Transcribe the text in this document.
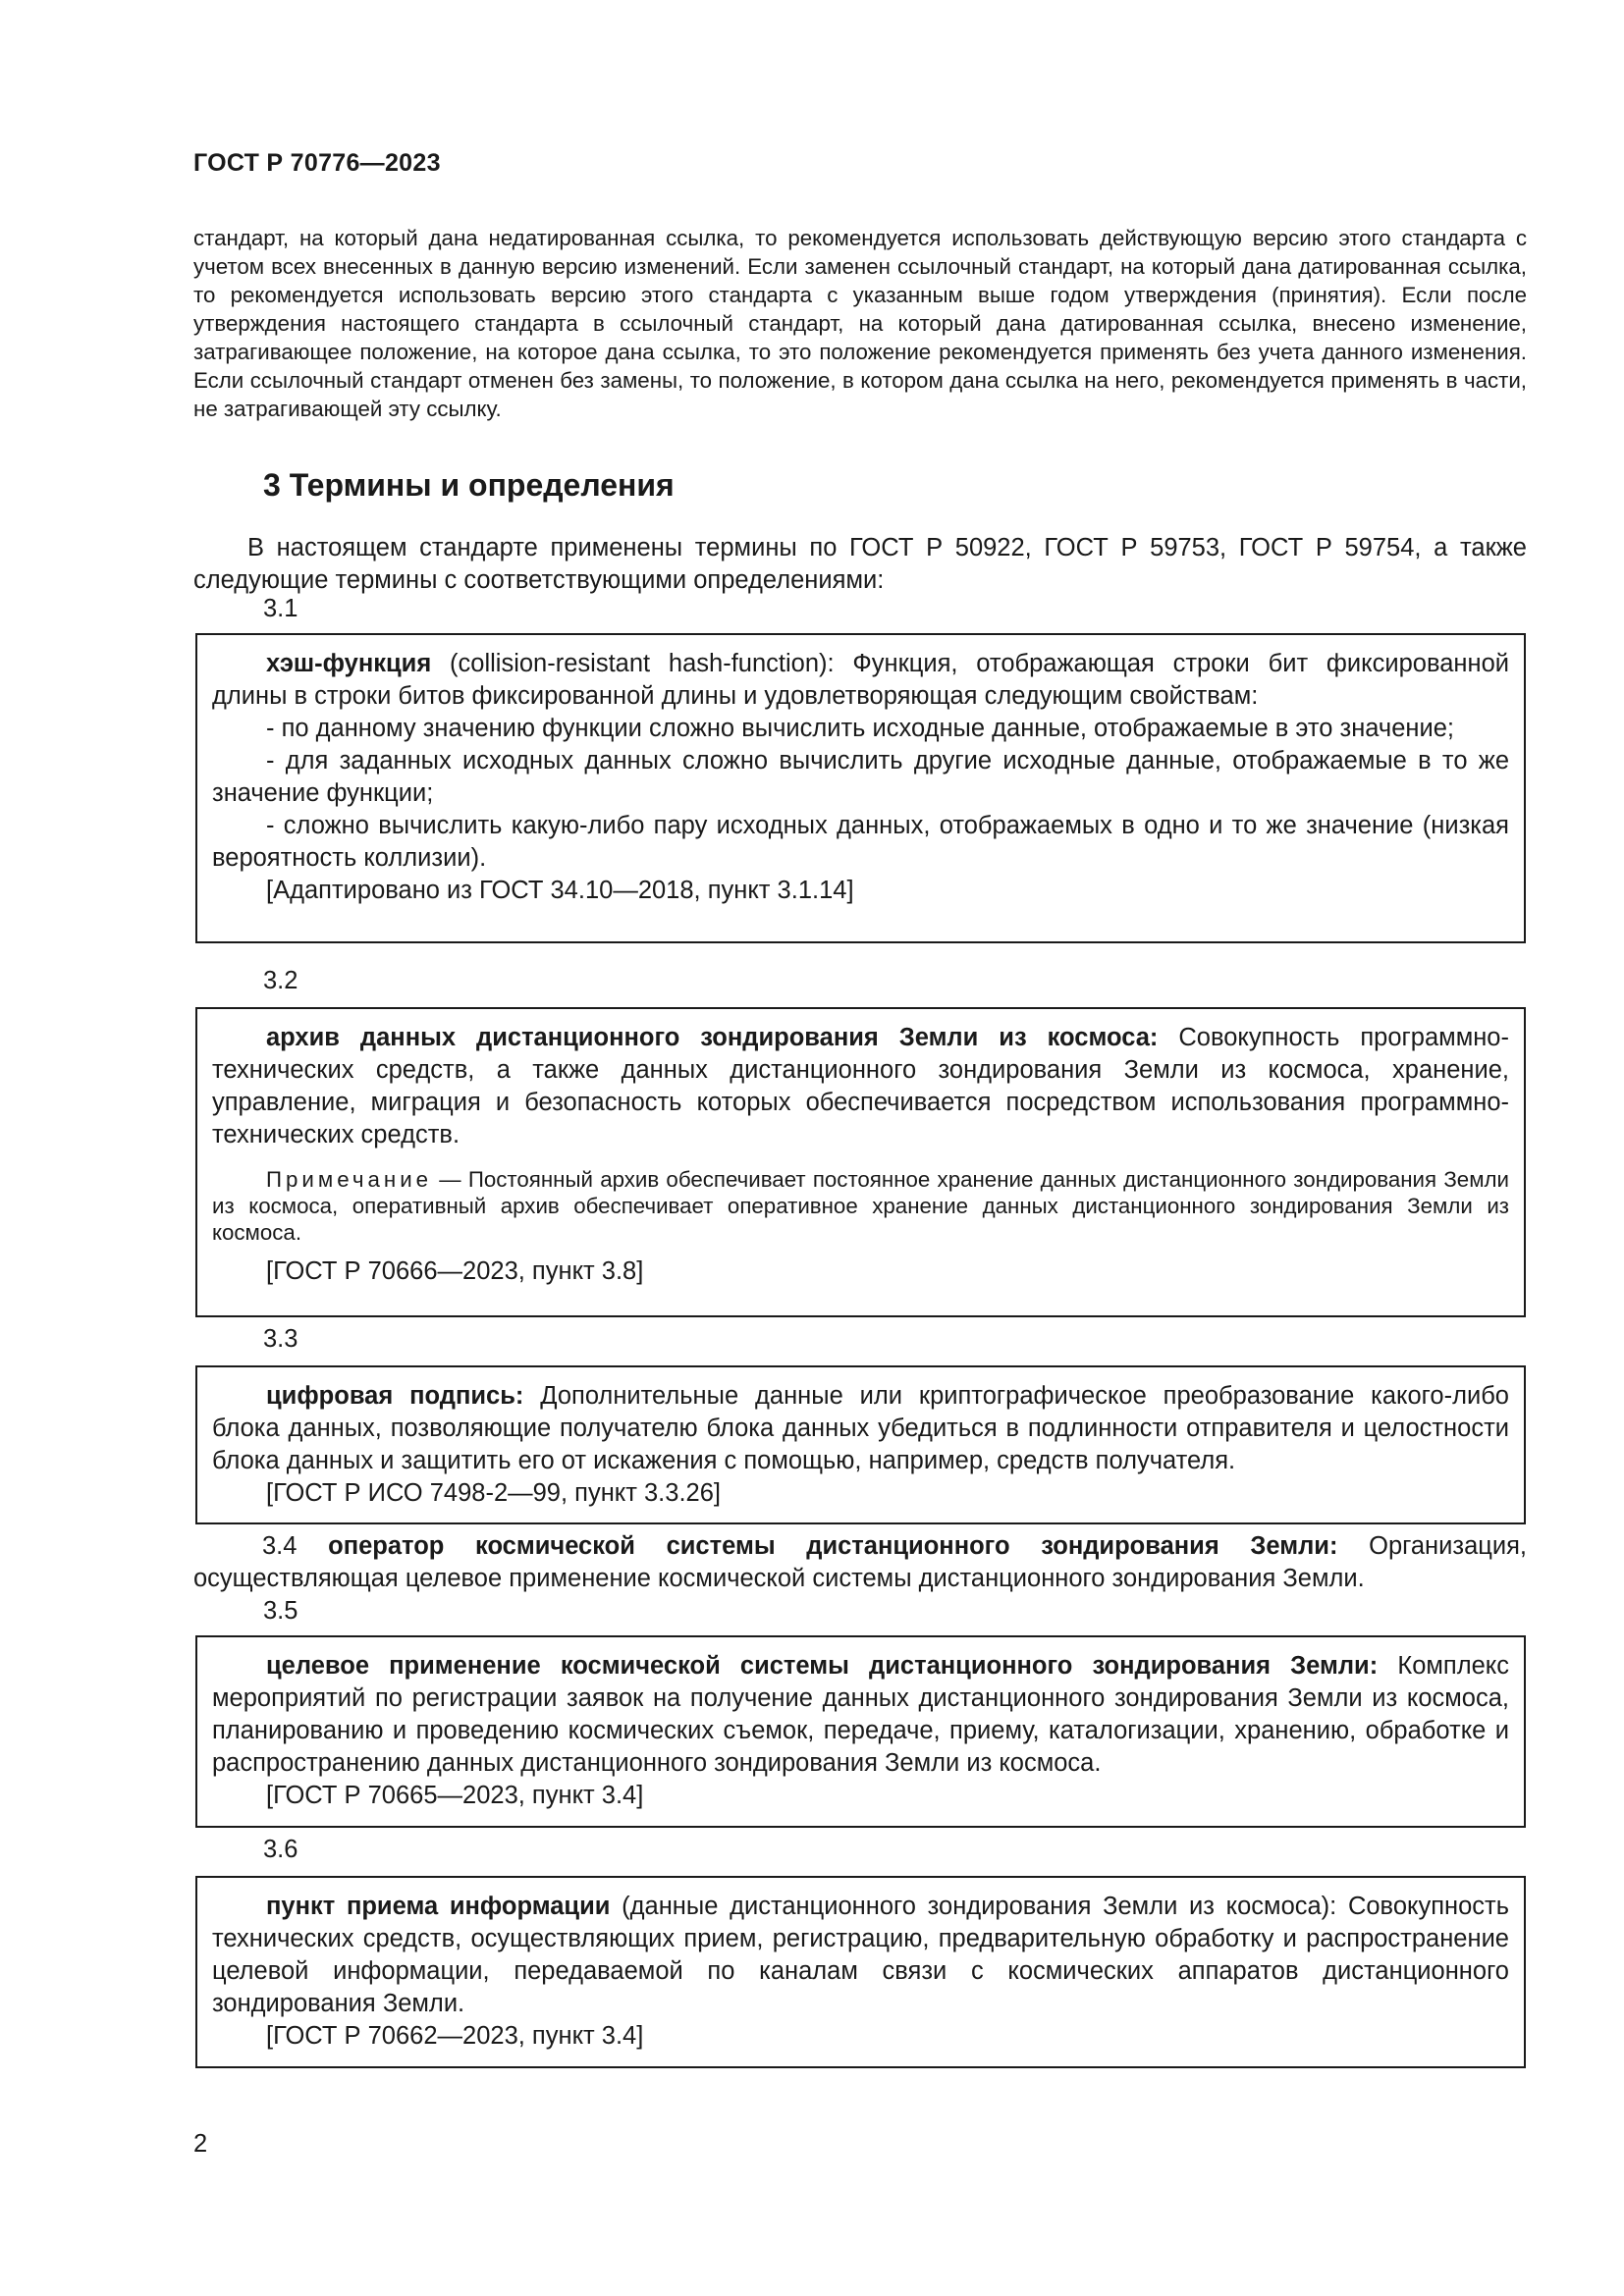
ГОСТ Р 70776—2023

стандарт, на который дана недатированная ссылка, то рекомендуется использовать действующую версию этого стандарта с учетом всех внесенных в данную версию изменений. Если заменен ссылочный стандарт, на который дана датированная ссылка, то рекомендуется использовать версию этого стандарта с указанным выше годом утверждения (принятия). Если после утверждения настоящего стандарта в ссылочный стандарт, на который дана датированная ссылка, внесено изменение, затрагивающее положение, на которое дана ссылка, то это положение рекомендуется применять без учета данного изменения. Если ссылочный стандарт отменен без замены, то положение, в котором дана ссылка на него, рекомендуется применять в части, не затрагивающей эту ссылку.

3 Термины и определения

В настоящем стандарте применены термины по ГОСТ Р 50922, ГОСТ Р 59753, ГОСТ Р 59754, а также следующие термины с соответствующими определениями:

3.1

хэш-функция (collision-resistant hash-function): Функция, отображающая строки бит фиксированной длины в строки битов фиксированной длины и удовлетворяющая следующим свойствам:

- по данному значению функции сложно вычислить исходные данные, отображаемые в это значение;

- для заданных исходных данных сложно вычислить другие исходные данные, отображаемые в то же значение функции;

- сложно вычислить какую-либо пару исходных данных, отображаемых в одно и то же значение (низкая вероятность коллизии).

[Адаптировано из ГОСТ 34.10—2018, пункт 3.1.14]

3.2

архив данных дистанционного зондирования Земли из космоса: Совокупность программно-технических средств, а также данных дистанционного зондирования Земли из космоса, хранение, управление, миграция и безопасность которых обеспечивается посредством использования программно-технических средств.

Примечание — Постоянный архив обеспечивает постоянное хранение данных дистанционного зондирования Земли из космоса, оперативный архив обеспечивает оперативное хранение данных дистанционного зондирования Земли из космоса.

[ГОСТ Р 70666—2023, пункт 3.8]

3.3

цифровая подпись: Дополнительные данные или криптографическое преобразование какого-либо блока данных, позволяющие получателю блока данных убедиться в подлинности отправителя и целостности блока данных и защитить его от искажения с помощью, например, средств получателя.

[ГОСТ Р ИСО 7498-2—99, пункт 3.3.26]

3.4 оператор космической системы дистанционного зондирования Земли: Организация, осуществляющая целевое применение космической системы дистанционного зондирования Земли.

3.5

целевое применение космической системы дистанционного зондирования Земли: Комплекс мероприятий по регистрации заявок на получение данных дистанционного зондирования Земли из космоса, планированию и проведению космических съемок, передаче, приему, каталогизации, хранению, обработке и распространению данных дистанционного зондирования Земли из космоса.

[ГОСТ Р 70665—2023, пункт 3.4]

3.6

пункт приема информации (данные дистанционного зондирования Земли из космоса): Совокупность технических средств, осуществляющих прием, регистрацию, предварительную обработку и распространение целевой информации, передаваемой по каналам связи с космических аппаратов дистанционного зондирования Земли.

[ГОСТ Р 70662—2023, пункт 3.4]

2
